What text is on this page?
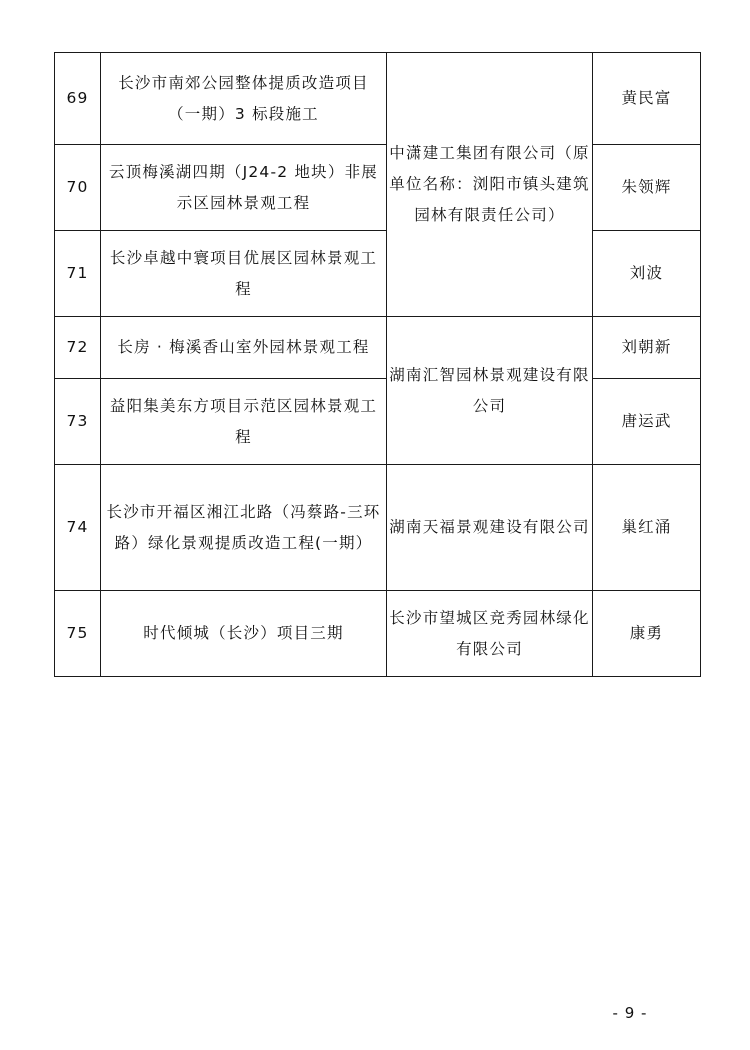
69	长沙市南郊公园整体提质改造项目（一期）3 标段施工	中潇建工集团有限公司（原单位名称：浏阳市镇头建筑园林有限责任公司）	黄民富
70	云顶梅溪湖四期（J24-2 地块）非展示区园林景观工程		朱领辉
71	长沙卓越中寰项目优展区园林景观工程		刘波
72	长房 · 梅溪香山室外园林景观工程	湖南汇智园林景观建设有限公司	刘朝新
73	益阳集美东方项目示范区园林景观工程		唐运武
74	长沙市开福区湘江北路（冯蔡路-三环路）绿化景观提质改造工程(一期）	湖南天福景观建设有限公司	巢红涌
75	时代倾城（长沙）项目三期	长沙市望城区竞秀园林绿化有限公司	康勇
- 9 -
